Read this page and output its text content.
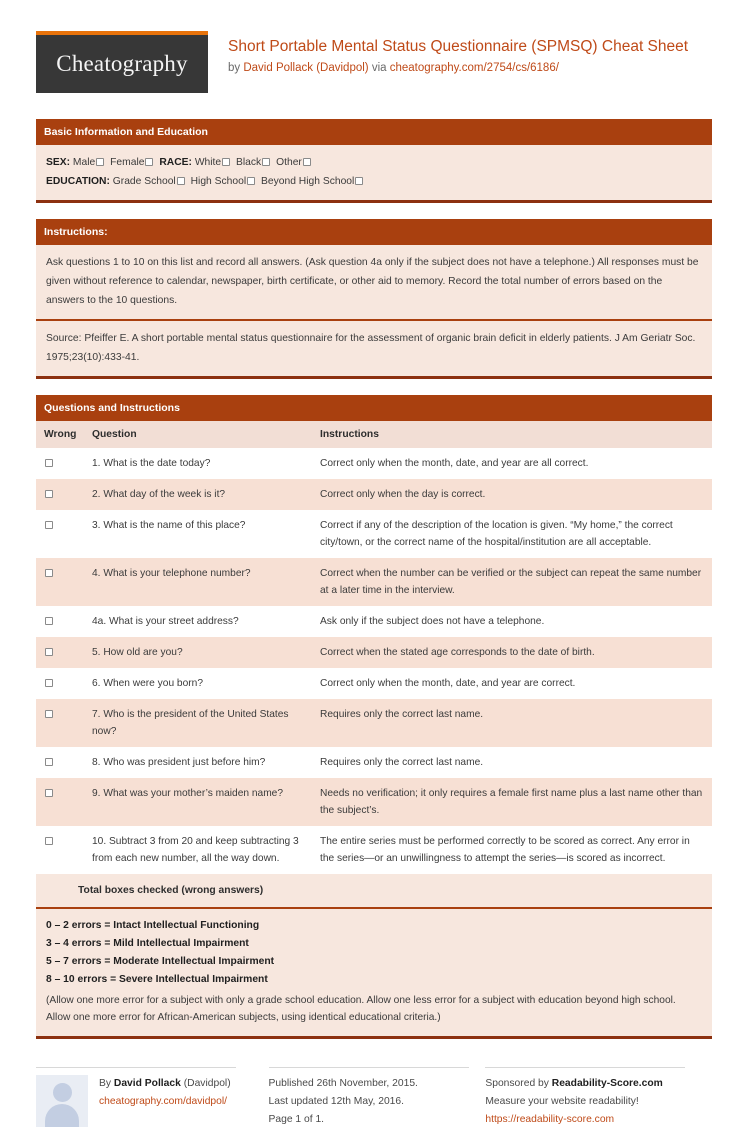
Cheatography
Short Portable Mental Status Questionnaire (SPMSQ) Cheat Sheet
by David Pollack (Davidpol) via cheatography.com/2754/cs/6186/
Basic Information and Education
SEX: Male Female RACE: White Black Other
EDUCATION: Grade School High School Beyond High School
Instructions:
Ask questions 1 to 10 on this list and record all answers. (Ask question 4a only if the subject does not have a telephone.) All responses must be given without reference to calendar, newspaper, birth certificate, or other aid to memory. Record the total number of errors based on the answers to the 10 questions.
Source: Pfeiffer E. A short portable mental status questionnaire for the assessment of organic brain deficit in elderly patients. J Am Geriatr Soc. 1975;23(10):433-41.
Questions and Instructions
Wrong	Question	Instructions
	1. What is the date today?	Correct only when the month, date, and year are all correct.
	2. What day of the week is it?	Correct only when the day is correct.
	3. What is the name of this place?	Correct if any of the description of the location is given. “My home,” the correct city/town, or the correct name of the hospital/institution are all acceptable.
	4. What is your telephone number?	Correct when the number can be verified or the subject can repeat the same number at a later time in the interview.
	4a. What is your street address?	Ask only if the subject does not have a telephone.
	5. How old are you?	Correct when the stated age corresponds to the date of birth.
	6. When were you born?	Correct only when the month, date, and year are correct.
	7. Who is the president of the United States now?	Requires only the correct last name.
	8. Who was president just before him?	Requires only the correct last name.
	9. What was your mother’s maiden name?	Needs no verification; it only requires a female first name plus a last name other than the subject’s.
	10. Subtract 3 from 20 and keep subtracting 3 from each new number, all the way down.	The entire series must be performed correctly to be scored as correct. Any error in the series—or an unwillingness to attempt the series—is scored as incorrect.
Total boxes checked (wrong answers)		
0 – 2 errors = Intact Intellectual Functioning
3 – 4 errors = Mild Intellectual Impairment
5 – 7 errors = Moderate Intellectual Impairment
8 – 10 errors = Severe Intellectual Impairment
(Allow one more error for a subject with only a grade school education. Allow one less error for a subject with education beyond high school. Allow one more error for African-American subjects, using identical educational criteria.)
By David Pollack (Davidpol)
cheatography.com/davidpol/
Published 26th November, 2015.
Last updated 12th May, 2016.
Page 1 of 1.
Sponsored by Readability-Score.com
Measure your website readability!
https://readability-score.com
